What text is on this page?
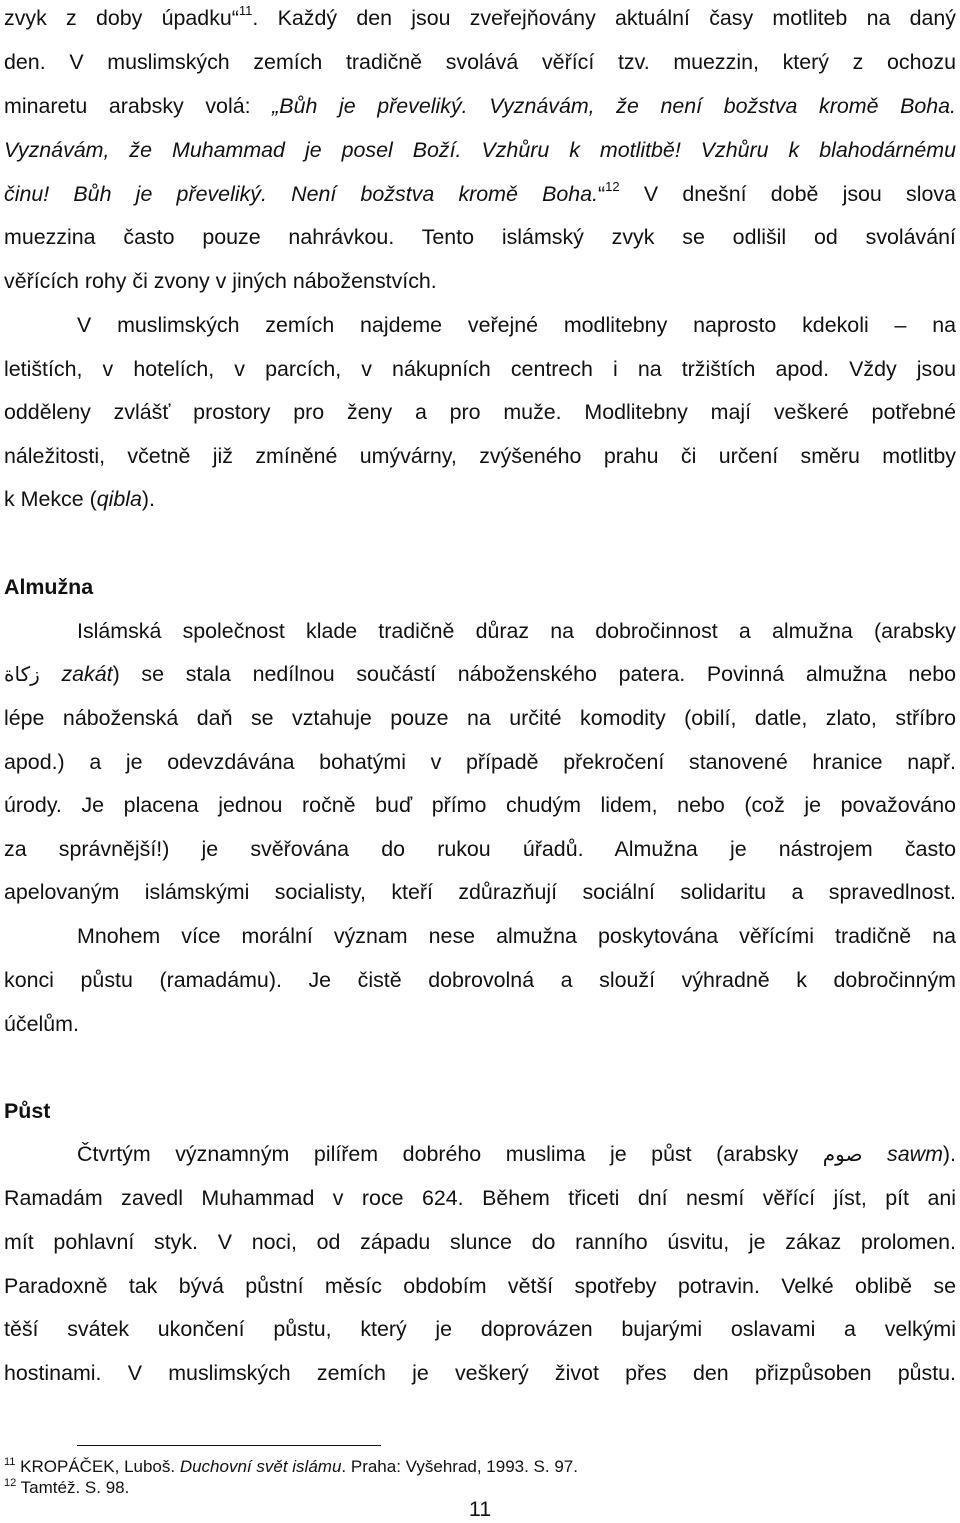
zvyk z doby úpadku“$^{11}$. Každý den jsou zveřejňovány aktuální časy motliteb na daný
den. V muslimských zemích tradičně svolává věřící tzv. muezzin, který z ochozu
minaretu arabsky volá: „Bůh je převeliký. Vyznávám, že není božstva kromě Boha.
Vyznávám, že Muhammad je posel Boží. Vzhůru k motlitbě! Vzhůru k blahodárnému
činu! Bůh je převeliký. Není božstva kromě Boha.“$^{12}$ V dnešní době jsou slova
muezzina často pouze nahrávkou. Tento islámský zvyk se odlišil od svolávání
věřících rohy či zvony v jiných náboženstvích.
V muslimských zemích najdeme veřejné modlitebny naprosto kdekoli – na
letištích, v hotelích, v parcích, v nákupních centrech i na tržištích apod. Vždy jsou
odděleny zvlášť prostory pro ženy a pro muže. Modlitebny mají veškeré potřebné
náležitosti, včetně již zmíněné umývárny, zvýšeného prahu či určení směru motlitby
k Mekce (qibla).
Almužna
Islámská společnost klade tradičně důraz na dobročinnost a almužna (arabsky
زكاة zakát) se stala nedílnou součástí náboženského patera. Povinná almužna nebo
lépe náboženská daň se vztahuje pouze na určité komodity (obilí, datle, zlato, stříbro
apod.) a je odevzdávána bohatými v případě překročení stanovené hranice např.
úrody. Je placena jednou ročně buď přímo chudým lidem, nebo (což je považováno
za správnější!) je svěřována do rukou úřadů. Almužna je nástrojem často
apelovaným islámskými socialisty, kteří zdůrazňují sociální solidaritu a spravedlnost.
Mnohem více morální význam nese almužna poskytována věřícími tradičně na
konci půstu (ramadámu). Je čistě dobrovolná a slouží výhradně k dobročinným
účelům.
Půst
Čtvrtým významným pilířem dobrého muslima je půst (arabsky صوم sawm).
Ramadám zavedl Muhammad v roce 624. Během třiceti dní nesmí věřící jíst, pít ani
mít pohlavní styk. V noci, od západu slunce do ranního úsvitu, je zákaz prolomen.
Paradoxně tak bývá půstní měsíc obdobím větší spotřeby potravin. Velké oblibě se
těší svátek ukončení půstu, který je doprovázen bujarými oslavami a velkými
hostinami. V muslimských zemích je veškerý život přes den přizpůsoben půstu.
$^{11}$ KROPÁČEK, Luboš. Duchovní svět islámu. Praha: Vyšehrad, 1993. S. 97.
$^{12}$ Tamtéž. S. 98.
11
